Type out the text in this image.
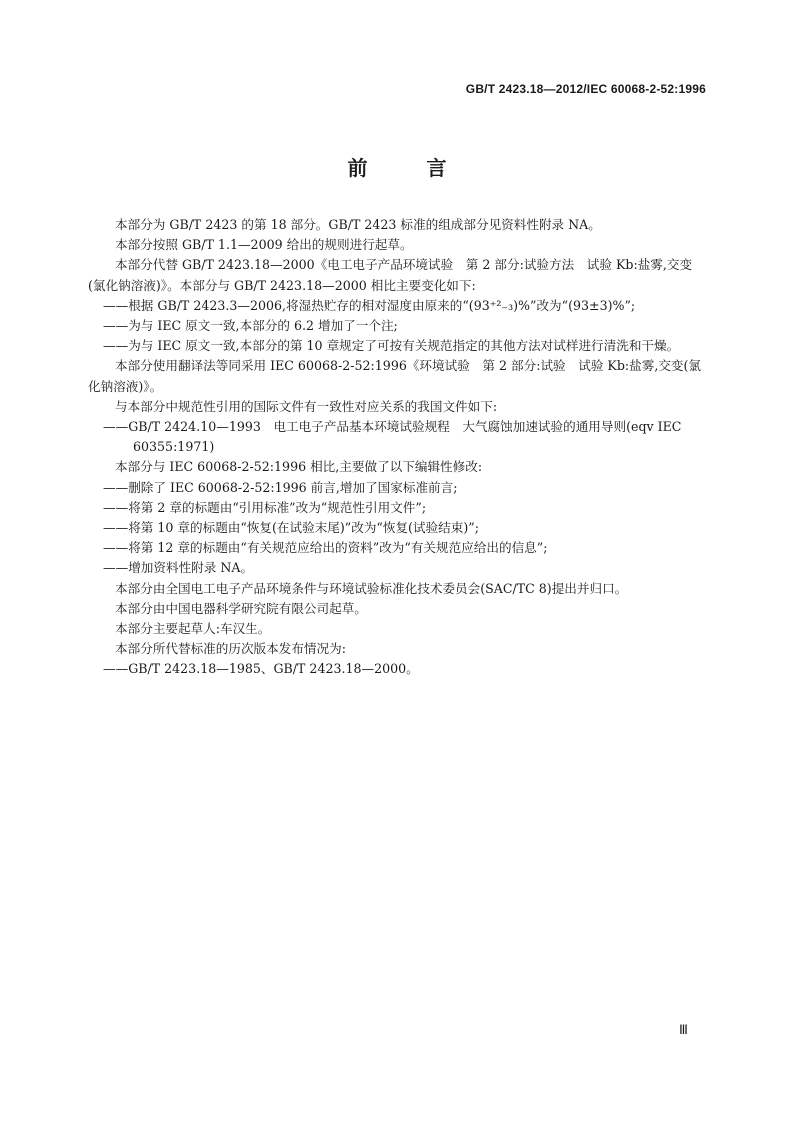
GB/T 2423.18—2012/IEC 60068-2-52:1996
前 言

本部分为 GB/T 2423 的第 18 部分。GB/T 2423 标准的组成部分见资料性附录 NA。

本部分按照 GB/T 1.1—2009 给出的规则进行起草。

本部分代替 GB/T 2423.18—2000《电工电子产品环境试验　第 2 部分:试验方法　试验 Kb:盐雾,交变(氯化钠溶液)》。本部分与 GB/T 2423.18—2000 相比主要变化如下:

——根据 GB/T 2423.3—2006,将湿热贮存的相对湿度由原来的“(93⁺²₋₃)%”改为“(93±3)%”;

——为与 IEC 原文一致,本部分的 6.2 增加了一个注;

——为与 IEC 原文一致,本部分的第 10 章规定了可按有关规范指定的其他方法对试样进行清洗和干燥。

本部分使用翻译法等同采用 IEC 60068-2-52:1996《环境试验　第 2 部分:试验　试验 Kb:盐雾,交变(氯化钠溶液)》。

与本部分中规范性引用的国际文件有一致性对应关系的我国文件如下:

——GB/T 2424.10—1993　电工电子产品基本环境试验规程　大气腐蚀加速试验的通用导则(eqv IEC 60355:1971)

本部分与 IEC 60068-2-52:1996 相比,主要做了以下编辑性修改:

——删除了 IEC 60068-2-52:1996 前言,增加了国家标准前言;

——将第 2 章的标题由“引用标准”改为“规范性引用文件”;

——将第 10 章的标题由“恢复(在试验末尾)”改为“恢复(试验结束)”;

——将第 12 章的标题由“有关规范应给出的资料”改为“有关规范应给出的信息”;

——增加资料性附录 NA。

本部分由全国电工电子产品环境条件与环境试验标准化技术委员会(SAC/TC 8)提出并归口。

本部分由中国电器科学研究院有限公司起草。

本部分主要起草人:车汉生。

本部分所代替标准的历次版本发布情况为:

——GB/T 2423.18—1985、GB/T 2423.18—2000。

Ⅲ
